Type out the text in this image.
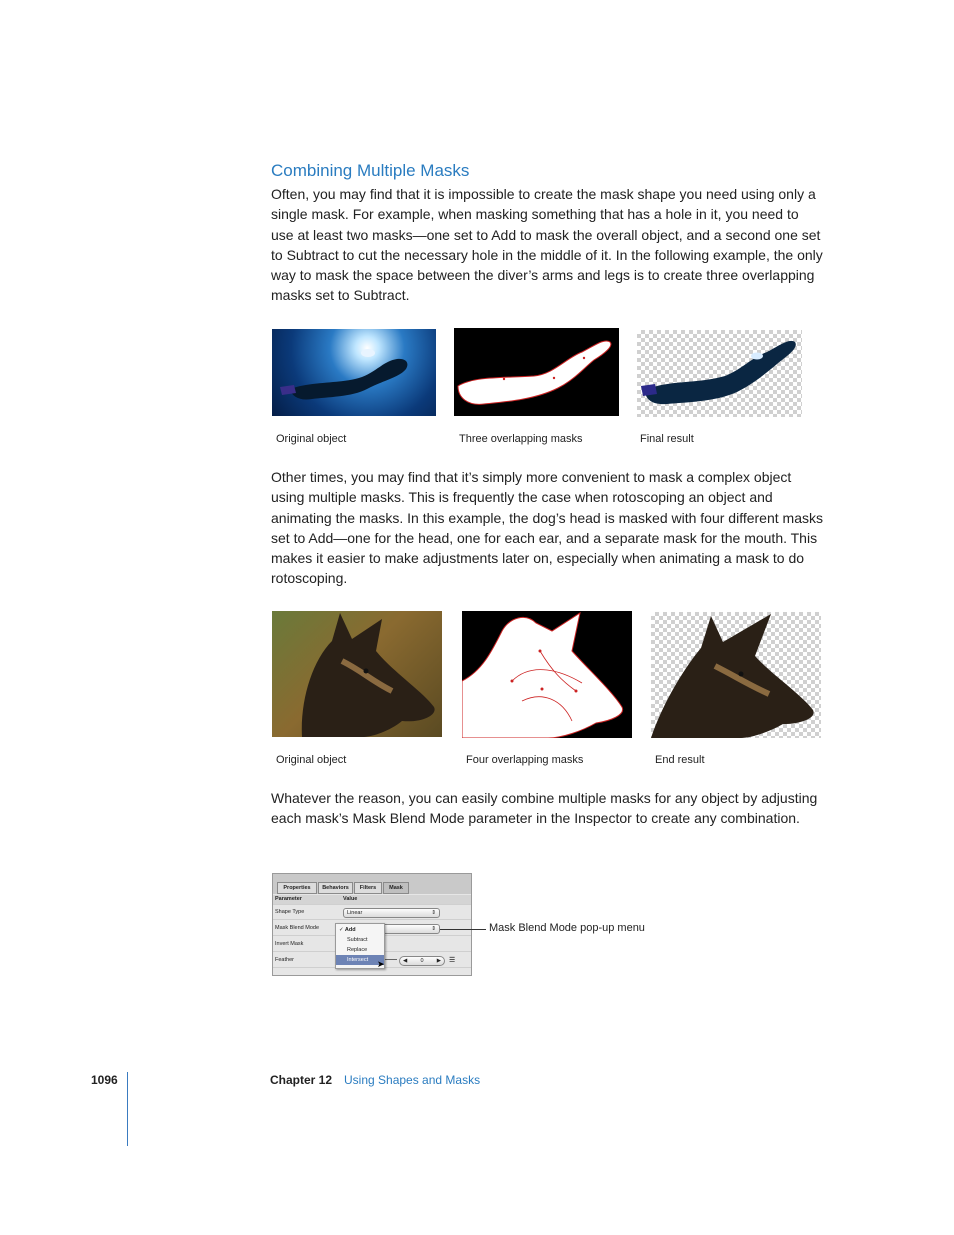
Combining Multiple Masks

Often, you may find that it is impossible to create the mask shape you need using only a single mask. For example, when masking something that has a hole in it, you need to use at least two masks—one set to Add to mask the overall object, and a second one set to Subtract to cut the necessary hole in the middle of it. In the following example, the only way to mask the space between the diver’s arms and legs is to create three overlapping masks set to Subtract.

Original object	Three overlapping masks	Final result

Other times, you may find that it’s simply more convenient to mask a complex object using multiple masks. This is frequently the case when rotoscoping an object and animating the masks. In this example, the dog’s head is masked with four different masks set to Add—one for the head, one for each ear, and a separate mask for the mouth. This makes it easier to make adjustments later on, especially when animating a mask to do rotoscoping.

Original object	Four overlapping masks	End result

Whatever the reason, you can easily combine multiple masks for any object by adjusting each mask’s Mask Blend Mode parameter in the Inspector to create any combination.

Properties	Behaviors	Filters	Mask
Parameter	Value
Shape Type	Linear	⇕
Mask Blend Mode	⇕
Invert Mask
Feather	◀ 0 ▶ ☰
✓ Add
Subtract
Replace
Intersect ➤
Mask Blend Mode pop-up menu
1096	Chapter 12 Using Shapes and Masks
